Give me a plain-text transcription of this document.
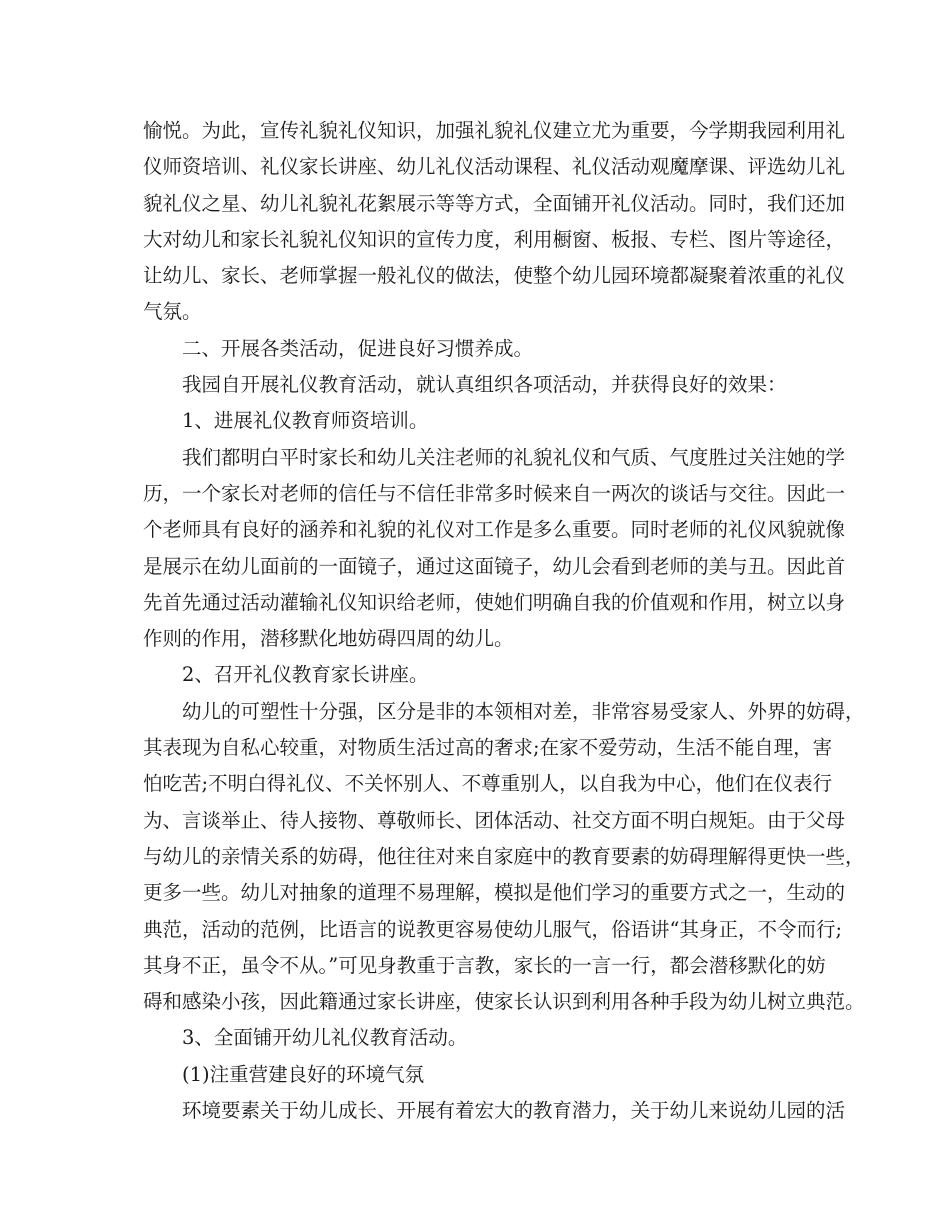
愉悦。为此，宣传礼貌礼仪知识，加强礼貌礼仪建立尤为重要，今学期我园利用礼
仪师资培训、礼仪家长讲座、幼儿礼仪活动课程、礼仪活动观魔摩课、评选幼儿礼
貌礼仪之星、幼儿礼貌礼花絮展示等等方式，全面铺开礼仪活动。同时，我们还加
大对幼儿和家长礼貌礼仪知识的宣传力度，利用橱窗、板报、专栏、图片等途径，
让幼儿、家长、老师掌握一般礼仪的做法，使整个幼儿园环境都凝聚着浓重的礼仪
气氛。
二、开展各类活动，促进良好习惯养成。
我园自开展礼仪教育活动，就认真组织各项活动，并获得良好的效果：
1、进展礼仪教育师资培训。
我们都明白平时家长和幼儿关注老师的礼貌礼仪和气质、气度胜过关注她的学
历，一个家长对老师的信任与不信任非常多时候来自一两次的谈话与交往。因此一
个老师具有良好的涵养和礼貌的礼仪对工作是多么重要。同时老师的礼仪风貌就像
是展示在幼儿面前的一面镜子，通过这面镜子，幼儿会看到老师的美与丑。因此首
先首先通过活动灌输礼仪知识给老师，使她们明确自我的价值观和作用，树立以身
作则的作用，潜移默化地妨碍四周的幼儿。
2、召开礼仪教育家长讲座。
幼儿的可塑性十分强，区分是非的本领相对差，非常容易受家人、外界的妨碍，
其表现为自私心较重，对物质生活过高的奢求;在家不爱劳动，生活不能自理，害
怕吃苦;不明白得礼仪、不关怀别人、不尊重别人，以自我为中心，他们在仪表行
为、言谈举止、待人接物、尊敬师长、团体活动、社交方面不明白规矩。由于父母
与幼儿的亲情关系的妨碍，他往往对来自家庭中的教育要素的妨碍理解得更快一些，
更多一些。幼儿对抽象的道理不易理解，模拟是他们学习的重要方式之一，生动的
典范，活动的范例，比语言的说教更容易使幼儿服气，俗语讲“其身正，不令而行;
其身不正，虽令不从。”可见身教重于言教，家长的一言一行，都会潜移默化的妨
碍和感染小孩，因此籍通过家长讲座，使家长认识到利用各种手段为幼儿树立典范。
3、全面铺开幼儿礼仪教育活动。
(1)注重营建良好的环境气氛
环境要素关于幼儿成长、开展有着宏大的教育潜力，关于幼儿来说幼儿园的活
